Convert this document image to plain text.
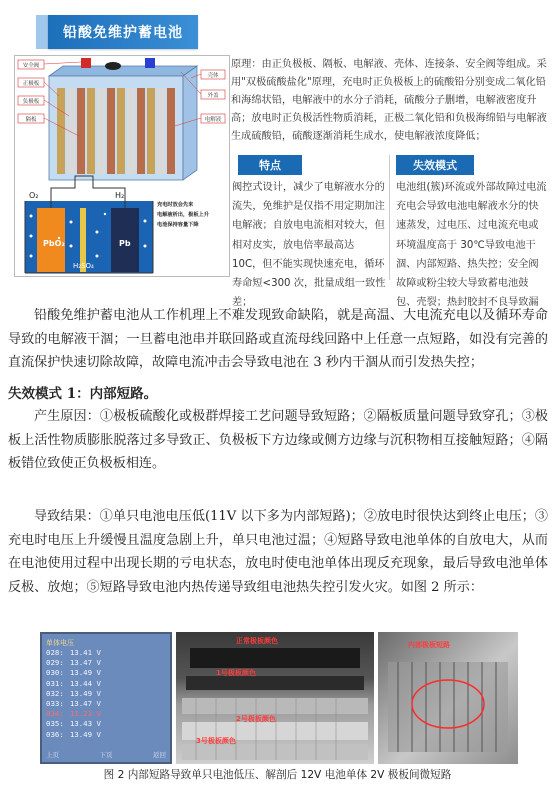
铅酸免维护蓄电池
安全阀
正极板
负极板
隔板
壳体
外盖
电解液
O₂	H₂
PbO₂	Pb
H₂SO₄
充电时放会先来
电解液析出，极板上升
电池保持容量下降
原理：由正负极板、隔板、电解液、壳体、连接条、安全阀等组成。采用"双极硫酸盐化"原理，充电时正负极板上的硫酸铅分别变成二氧化铅和海绵状铅，电解液中的水分子消耗，硫酸分子删增，电解液密度升高；放电时正负极活性物质消耗，正极二氧化铅和负极海绵铅与电解液生成硫酸铅，硫酸逐渐消耗生成水，使电解液浓度降低；
特点	失效模式
阀控式设计，减少了电解液水分的流失，免维护是仅指不用定期加注电解液；自放电电流相对较大，但相对皮实，放电倍率最高达 10C，但不能实现快速充电，循环寿命短<300 次，批量成组一致性差；
电池组(簇)环流或外部故障过电流充电会导致电池电解液水分的快速蒸发，过电压、过电流充电或环境温度高于 30℃导致电池干涸、内部短路、热失控；安全阀故障或粉尘较大导致蓄电池鼓包、壳裂；热封胶封不良导致漏
铅酸免维护蓄电池从工作机理上不难发现致命缺陷，就是高温、大电流充电以及循环寿命导致的电解液干涸；一旦蓄电池串并联回路或直流母线回路中上任意一点短路，如没有完善的直流保护快速切除故障，故障电流冲击会导致电池在 3 秒内干涸从而引发热失控；
失效模式 1：内部短路。
产生原因：①极板硫酸化或极群焊接工艺问题导致短路；②隔板质量问题导致穿孔；③极板上活性物质膨胀脱落过多导致正、负极板下方边缘或侧方边缘与沉积物相互接触短路；④隔板错位致使正负极板相连。
导致结果：①单只电池电压低(11V 以下多为内部短路)；②放电时很快达到终止电压；③充电时电压上升缓慢且温度急剧上升，单只电池过温；④短路导致电池单体的自放电大，从而在电池使用过程中出现长期的亏电状态，放电时使电池单体出现反充现象，最后导致电池单体反极、放炮；⑤短路导致电池内热传递导致组电池热失控引发火灾。如图 2 所示：
单体电压
028: 13.41 V
029: 13.47 V
030: 13.49 V
031: 13.44 V
032: 13.49 V
033: 13.47 V
034: 11.23 V
035: 13.43 V
036: 13.49 V
上页	下页	返回
正常极板颜色
1号极板颜色
2号极板颜色
3号极板颜色
内部极板短路
图 2 内部短路导致单只电池低压、解剖后 12V 电池单体 2V 极板间微短路
